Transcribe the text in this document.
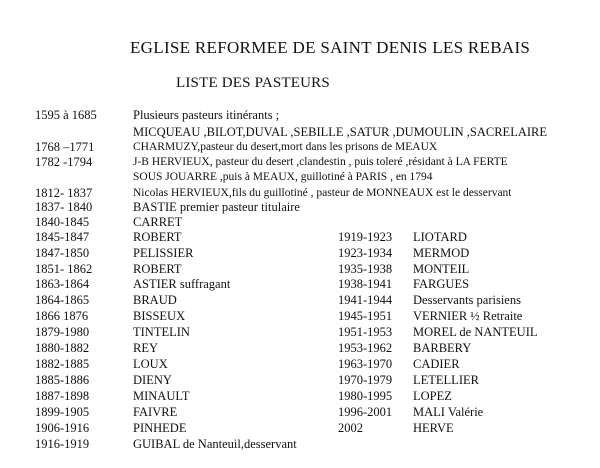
EGLISE REFORMEE DE SAINT DENIS LES REBAIS
LISTE DES PASTEURS
1595 à 1685	Plusieurs pasteurs itinérants ;
MICQUEAU ,BILOT,DUVAL ,SEBILLE ,SATUR ,DUMOULIN ,SACRELAIRE
1768 –1771	CHARMUZY,pasteur du desert,mort dans les prisons de MEAUX
1782 -1794	J-B HERVIEUX, pasteur du desert ,clandestin , puis toleré ,résidant à LA FERTE
SOUS JOUARRE ,puis à MEAUX, guillotiné à PARIS , en 1794
1812- 1837	Nicolas HERVIEUX,fils du guillotiné , pasteur de MONNEAUX est le desservant
1837- 1840	BASTIE premier pasteur titulaire
1840-1845	CARRET
1845-1847	ROBERT	1919-1923 LIOTARD
1847-1850	PELISSIER	1923-1934 MERMOD
1851- 1862	ROBERT	1935-1938 MONTEIL
1863-1864	ASTIER suffragant	1938-1941 FARGUES
1864-1865	BRAUD	1941-1944 Desservants parisiens
1866 1876	BISSEUX	1945-1951 VERNIER ½ Retraite
1879-1980	TINTELIN	1951-1953 MOREL de NANTEUIL
1880-1882	REY	1953-1962 BARBERY
1882-1885	LOUX	1963-1970 CADIER
1885-1886	DIENY	1970-1979 LETELLIER
1887-1898	MINAULT	1980-1995 LOPEZ
1899-1905	FAIVRE	1996-2001 MALI Valérie
1906-1916	PINHEDE	2002	HERVE
1916-1919	GUIBAL de Nanteuil,desservant
